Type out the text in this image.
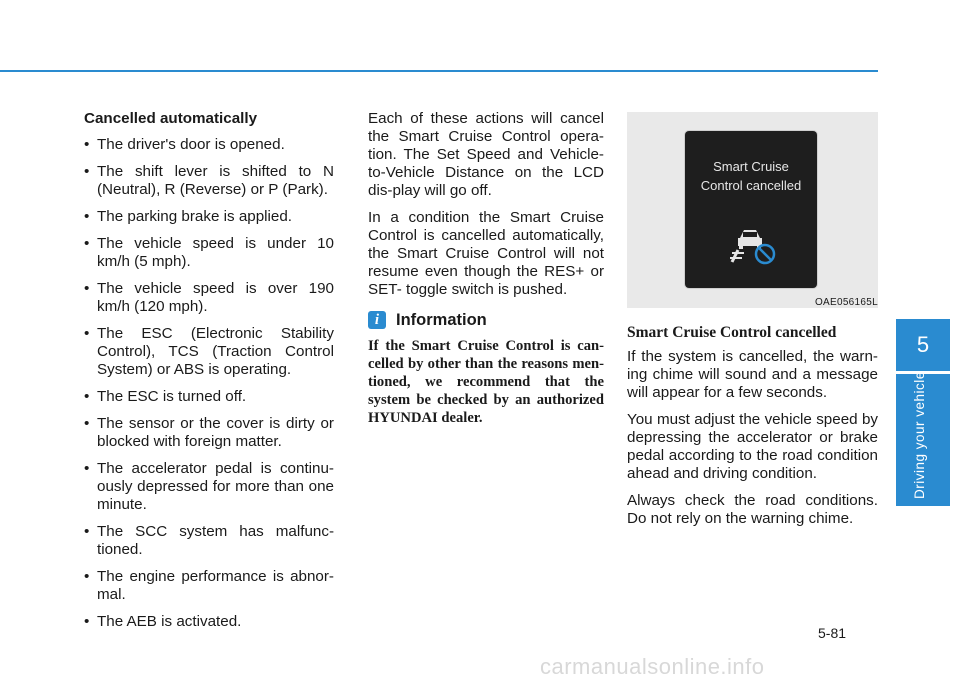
Cancelled automatically
• The driver's door is opened.
• The shift lever is shifted to N (Neutral), R (Reverse) or P (Park).
• The parking brake is applied.
• The vehicle speed is under 10 km/h (5 mph).
• The vehicle speed is over 190 km/h (120 mph).
• The ESC (Electronic Stability Control), TCS (Traction Control System) or ABS is operating.
• The ESC is turned off.
• The sensor or the cover is dirty or blocked with foreign matter.
• The accelerator pedal is continu-ously depressed for more than one minute.
• The SCC system has malfunc-tioned.
• The engine performance is abnor-mal.
• The AEB is activated.

Each of these actions will cancel the Smart Cruise Control opera-tion. The Set Speed and Vehicle-to-Vehicle Distance on the LCD dis-play will go off.

In a condition the Smart Cruise Control is cancelled automatically, the Smart Cruise Control will not resume even though the RES+ or SET- toggle switch is pushed.

i	Information

If the Smart Cruise Control is can-celled by other than the reasons men-tioned, we recommend that the system be checked by an authorized HYUNDAI dealer.

Smart Cruise
Control cancelled
OAE056165L
Smart Cruise Control cancelled

If the system is cancelled, the warn-ing chime will sound and a message will appear for a few seconds.

You must adjust the vehicle speed by depressing the accelerator or brake pedal according to the road condition ahead and driving condition.

Always check the road conditions. Do not rely on the warning chime.

5
Driving your vehicle
5-81
carmanualsonline.info
